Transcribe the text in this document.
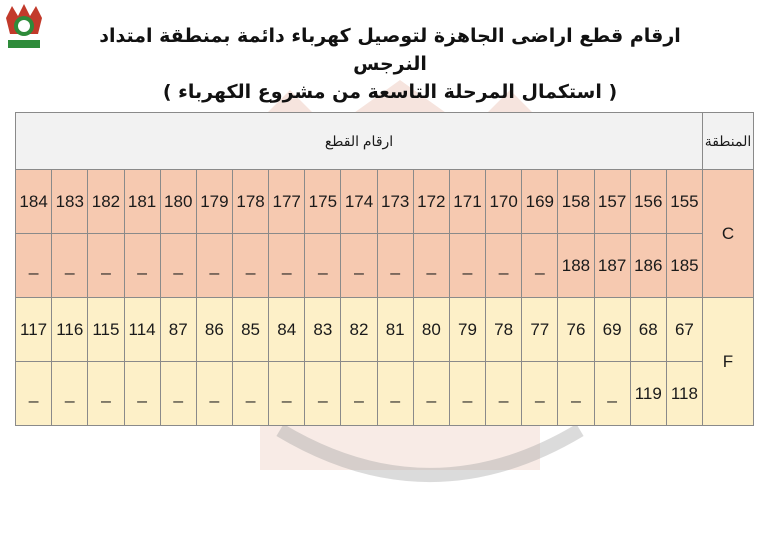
ارقام قطع اراضى الجاهزة لتوصيل كهرباء دائمة بمنطقة امتداد النرجس
( استكمال المرحلة التاسعة من مشروع الكهرباء )
المنطقة	ارقام القطع																		
C	155	156	157	158	169	170	171	172	173	174	175	177	178	179	180	181	182	183	184
	185	186	187	188	_	_	_	_	_	_	_	_	_	_	_	_	_	_	_
F	67	68	69	76	77	78	79	80	81	82	83	84	85	86	87	114	115	116	117
	118	119	_	_	_	_	_	_	_	_	_	_	_	_	_	_	_	_	_
